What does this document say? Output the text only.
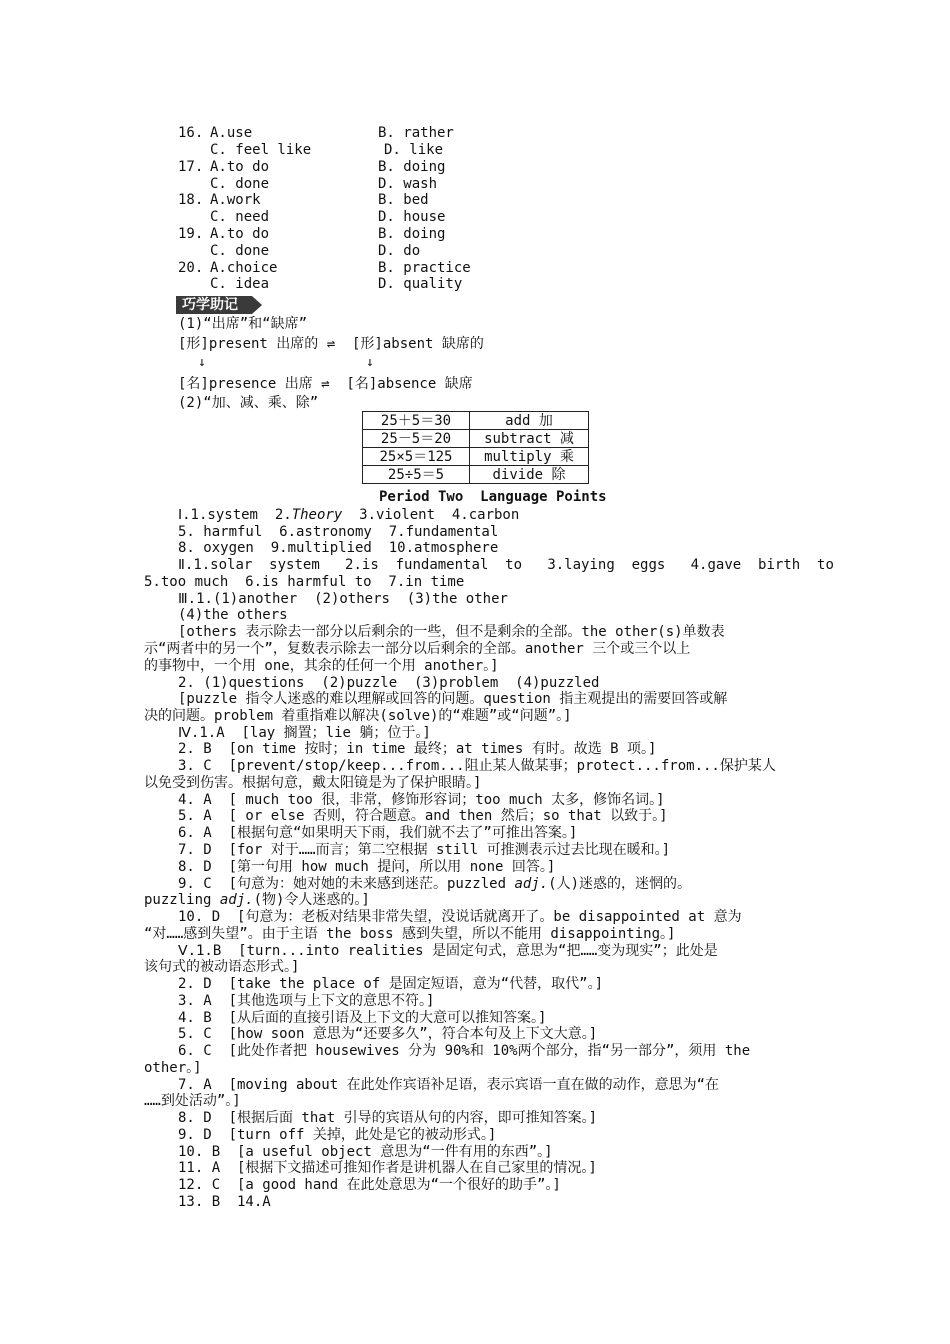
16. A.use	B. rather
C. feel like	D. like
17. A.to do	B. doing
C. done	D. wash
18. A.work	B. bed
C. need	D. house
19. A.to do	B. doing
C. done	D. do
20. A.choice	B. practice
C. idea	D. quality
巧学助记
(1)“出席”和“缺席”
[形]present 出席的 ⇌  [形]absent 缺席的
↓	↓
[名]presence 出席 ⇌  [名]absence 缺席
(2)“加、减、乘、除”
25＋5＝30	add 加
25－5＝20	subtract 减
25×5＝125	multiply 乘
25÷5＝5	divide 除
Period Two  Language Points
Ⅰ.1.system  2.Theory  3.violent  4.carbon
5. harmful  6.astronomy  7.fundamental
8. oxygen  9.multiplied  10.atmosphere
Ⅱ.1.solar  system   2.is  fundamental  to   3.laying  eggs   4.gave  birth  to
5.too much  6.is harmful to  7.in time
Ⅲ.1.(1)another  (2)others  (3)the other
(4)the others
[others 表示除去一部分以后剩余的一些，但不是剩余的全部。the other(s)单数表
示“两者中的另一个”，复数表示除去一部分以后剩余的全部。another 三个或三个以上
的事物中，一个用 one，其余的任何一个用 another。]
2. (1)questions  (2)puzzle  (3)problem  (4)puzzled
[puzzle 指令人迷惑的难以理解或回答的问题。question 指主观提出的需要回答或解
决的问题。problem 着重指难以解决(solve)的“难题”或“问题”。]
Ⅳ.1.A  [lay 搁置；lie 躺；位于。]
2. B  [on time 按时；in time 最终；at times 有时。故选 B 项。]
3. C  [prevent/stop/keep...from...阻止某人做某事；protect...from...保护某人
以免受到伤害。根据句意，戴太阳镜是为了保护眼睛。]
4. A  [ much too 很，非常，修饰形容词；too much 太多，修饰名词。]
5. A  [ or else 否则，符合题意。and then 然后；so that 以致于。]
6. A  [根据句意“如果明天下雨，我们就不去了”可推出答案。]
7. D  [for 对于……而言；第二空根据 still 可推测表示过去比现在暖和。]
8. D  [第一句用 how much 提问，所以用 none 回答。]
9. C  [句意为：她对她的未来感到迷茫。puzzled adj.(人)迷惑的，迷惘的。
puzzling adj.(物)令人迷惑的。]
10. D  [句意为：老板对结果非常失望，没说话就离开了。be disappointed at 意为
“对……感到失望”。由于主语 the boss 感到失望，所以不能用 disappointing。]
Ⅴ.1.B  [turn...into realities 是固定句式，意思为“把……变为现实”；此处是
该句式的被动语态形式。]
2. D  [take the place of 是固定短语，意为“代替，取代”。]
3. A  [其他选项与上下文的意思不符。]
4. B  [从后面的直接引语及上下文的大意可以推知答案。]
5. C  [how soon 意思为“还要多久”，符合本句及上下文大意。]
6. C  [此处作者把 housewives 分为 90%和 10%两个部分，指“另一部分”，须用 the
other。]
7. A  [moving about 在此处作宾语补足语，表示宾语一直在做的动作，意思为“在
……到处活动”。]
8. D  [根据后面 that 引导的宾语从句的内容，即可推知答案。]
9. D  [turn off 关掉，此处是它的被动形式。]
10. B  [a useful object 意思为“一件有用的东西”。]
11. A  [根据下文描述可推知作者是讲机器人在自己家里的情况。]
12. C  [a good hand 在此处意思为“一个很好的助手”。]
13. B  14.A
